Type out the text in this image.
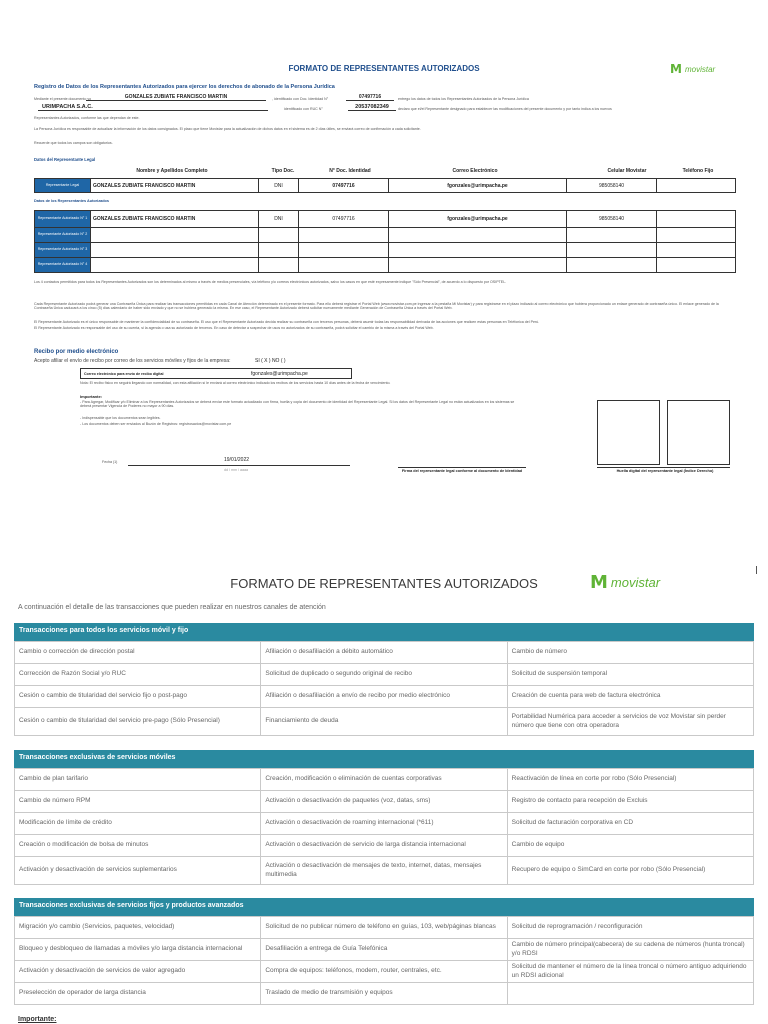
FORMATO DE REPRESENTANTES AUTORIZADOS	M movistar
Registro de Datos de los Representantes Autorizados para ejercer los derechos de abonado de la Persona Jurídica
Mediante el presente documento yo	GONZALES ZUBIATE FRANCISCO MARTIN	, identificado con Doc. Identidad N°	07497716	entrego los datos de todos los Representantes Autorizados de la Persona Jurídica
URIMPACHA S.A.C.	identificado con RUC N°	20537082349	declaro que el/el Representante designado para establecer las modificaciones del presente documento y por tanto indica a los nuevos
Representantes Autorizados, conforme las que dependan de este.
La Persona Jurídica es responsable de actualizar la información de los datos consignados. El plazo que tiene Movistar para la actualización de dichos datos en el sistema es de 2 días útiles, se enviará correo de confirmación a cada solicitante.
Recuerde que todos los campos son obligatorios.
Datos del Representante Legal
Nombre y Apellidos Completo	Tipo Doc.	N° Doc. Identidad	Correo Electrónico	Celular Movistar	Teléfono Fijo
Representante Legal	GONZALES ZUBIATE FRANCISCO MARTIN	DNI	07497716	fgonzales@urimpacha.pe	985058140	
Datos de los Representantes Autorizados
Representante Autorizado N° 1	GONZALES ZUBIATE FRANCISCO MARTIN	DNI	07497716	fgonzales@urimpacha.pe	985058140	
Representante Autorizado N° 2						
Representante Autorizado N° 3						
Representante Autorizado N° 4						
Los 4 contactos permitidos para todos los Representantes Autorizados son los determinados al mismo a través de medios presenciales, vía teléfono y/o correos electrónicos autorizados, salvo los casos en que esté expresamente indique "Sólo Presencial", de acuerdo a lo dispuesto por OSIPTEL.
Cada Representante Autorizado podrá generar una Contraseña Única para realizar las transacciones permitidas en cada Canal de Atención determinado en el presente formato. Para ello deberá registrar el Portal Web (www.movistar.com.pe ingresar a la pestaña Mi Movistar) y para registrarse en el plazo indicado al correo electrónico que hubiera proporcionado un enlace generado de contraseña único. El enlace generado de la Contraseña Única caducará a los cinco (5) días calendario de haber sido enviado y que no se hubiera generado la misma. En ese caso, el Representante Autorizado deberá solicitar nuevamente mediante Generación de Contraseña Única a través del Portal Web.
El Representante Autorizado es el único responsable de mantener la confidencialidad de su contraseña. El uso que el Representante Autorizado decida realizar su contraseña con terceros personas, deberá asumir todas las responsabilidad derivada de las acciones que realicen estas personas en Teléfonica del Perú.
El Representante Autorizado es responsable del uso de su cuenta, si la agenda o usa su autorizado de terceros. En caso de detectar a sospechar de usos no autorizados de su contraseña, podrá solicitar el cambio de la misma a través del Portal Web.
Recibo por medio electrónico
Acepto afiliar el envío de recibo por correo de los servicios móviles y fijos de la empresa:	SI ( X ) NO ( )
Correo electrónico para envío de recibo digital	fgonzales@urimpacha.pe
Nota: El recibo físico en seguirá llegando con normalidad, con esta afiliación sí le enviará al correo electrónico indicado los recibos de los servicios hasta 10 días antes de la fecha de vencimiento.
Importante:
- Para Agregar, Modificar y/o Eliminar a los Representantes Autorizados se deberá enviar este formato actualizado con firma, huella y copia del documento de identidad del Representante Legal. Si los datos del Representante Legal no están actualizados en los sistemas se deberá presentar Vigencia de Poderes no mayor a 90 días.
- Indispensable que los documentos sean legibles.
- Los documentos deben ser enviados al Buzón de Registros: registrosactos@movistar.com.pe
Fecha (1)	19/01/2022
dd / mm / aaaa	Firma del representante legal conforme al documento de Identidad	Huella digital del representante legal (Índice Derecho)
FORMATO DE REPRESENTANTES AUTORIZADOS	M movistar
A continuación el detalle de las transacciones que pueden realizar en nuestros canales de atención
Transacciones para todos los servicios móvil y fijo
Cambio o corrección de dirección postal	Afiliación o desafiliación a débito automático	Cambio de número
Corrección de Razón Social y/o RUC	Solicitud de duplicado o segundo original de recibo	Solicitud de suspensión temporal
Cesión o cambio de titularidad del servicio fijo o post-pago	Afiliación o desafiliación a envío de recibo por medio electrónico	Creación de cuenta para web de factura electrónica
Cesión o cambio de titularidad del servicio pre-pago (Sólo Presencial)	Financiamiento de deuda	Portabilidad Numérica para acceder a servicios de voz Movistar sin perder número que tiene con otra operadora
Transacciones exclusivas de servicios móviles
Cambio de plan tarifario	Creación, modificación o eliminación de cuentas corporativas	Reactivación de línea en corte por robo (Sólo Presencial)
Cambio de número RPM	Activación o desactivación de paquetes (voz, datas, sms)	Registro de contacto para recepción de Excluis
Modificación de límite de crédito	Activación o desactivación de roaming internacional (*611)	Solicitud de facturación corporativa en CD
Creación o modificación de bolsa de minutos	Activación o desactivación de servicio de larga distancia internacional	Cambio de equipo
Activación y desactivación de servicios suplementarios	Activación o desactivación de mensajes de texto, internet, datas, mensajes multimedia	Recupero de equipo o SimCard en corte por robo (Sólo Presencial)
Transacciones exclusivas de servicios fijos y productos avanzados
Migración y/o cambio (Servicios, paquetes, velocidad)	Solicitud de no publicar número de teléfono en guías, 103, web/páginas blancas	Solicitud de reprogramación / reconfiguración
Bloqueo y desbloqueo de llamadas a móviles y/o larga distancia internacional	Desafiliación a entrega de Guía Telefónica	Cambio de número principal(cabecera) de su cadena de números (hunta troncal) y/o RDSI
Activación y desactivación de servicios de valor agregado	Compra de equipos: teléfonos, modem, router, centrales, etc.	Solicitud de mantener el número de la línea troncal o número antiguo adquiriendo un RDSI adicional
Preselección de operador de larga distancia	Traslado de medio de transmisión y equipos	
Importante:
